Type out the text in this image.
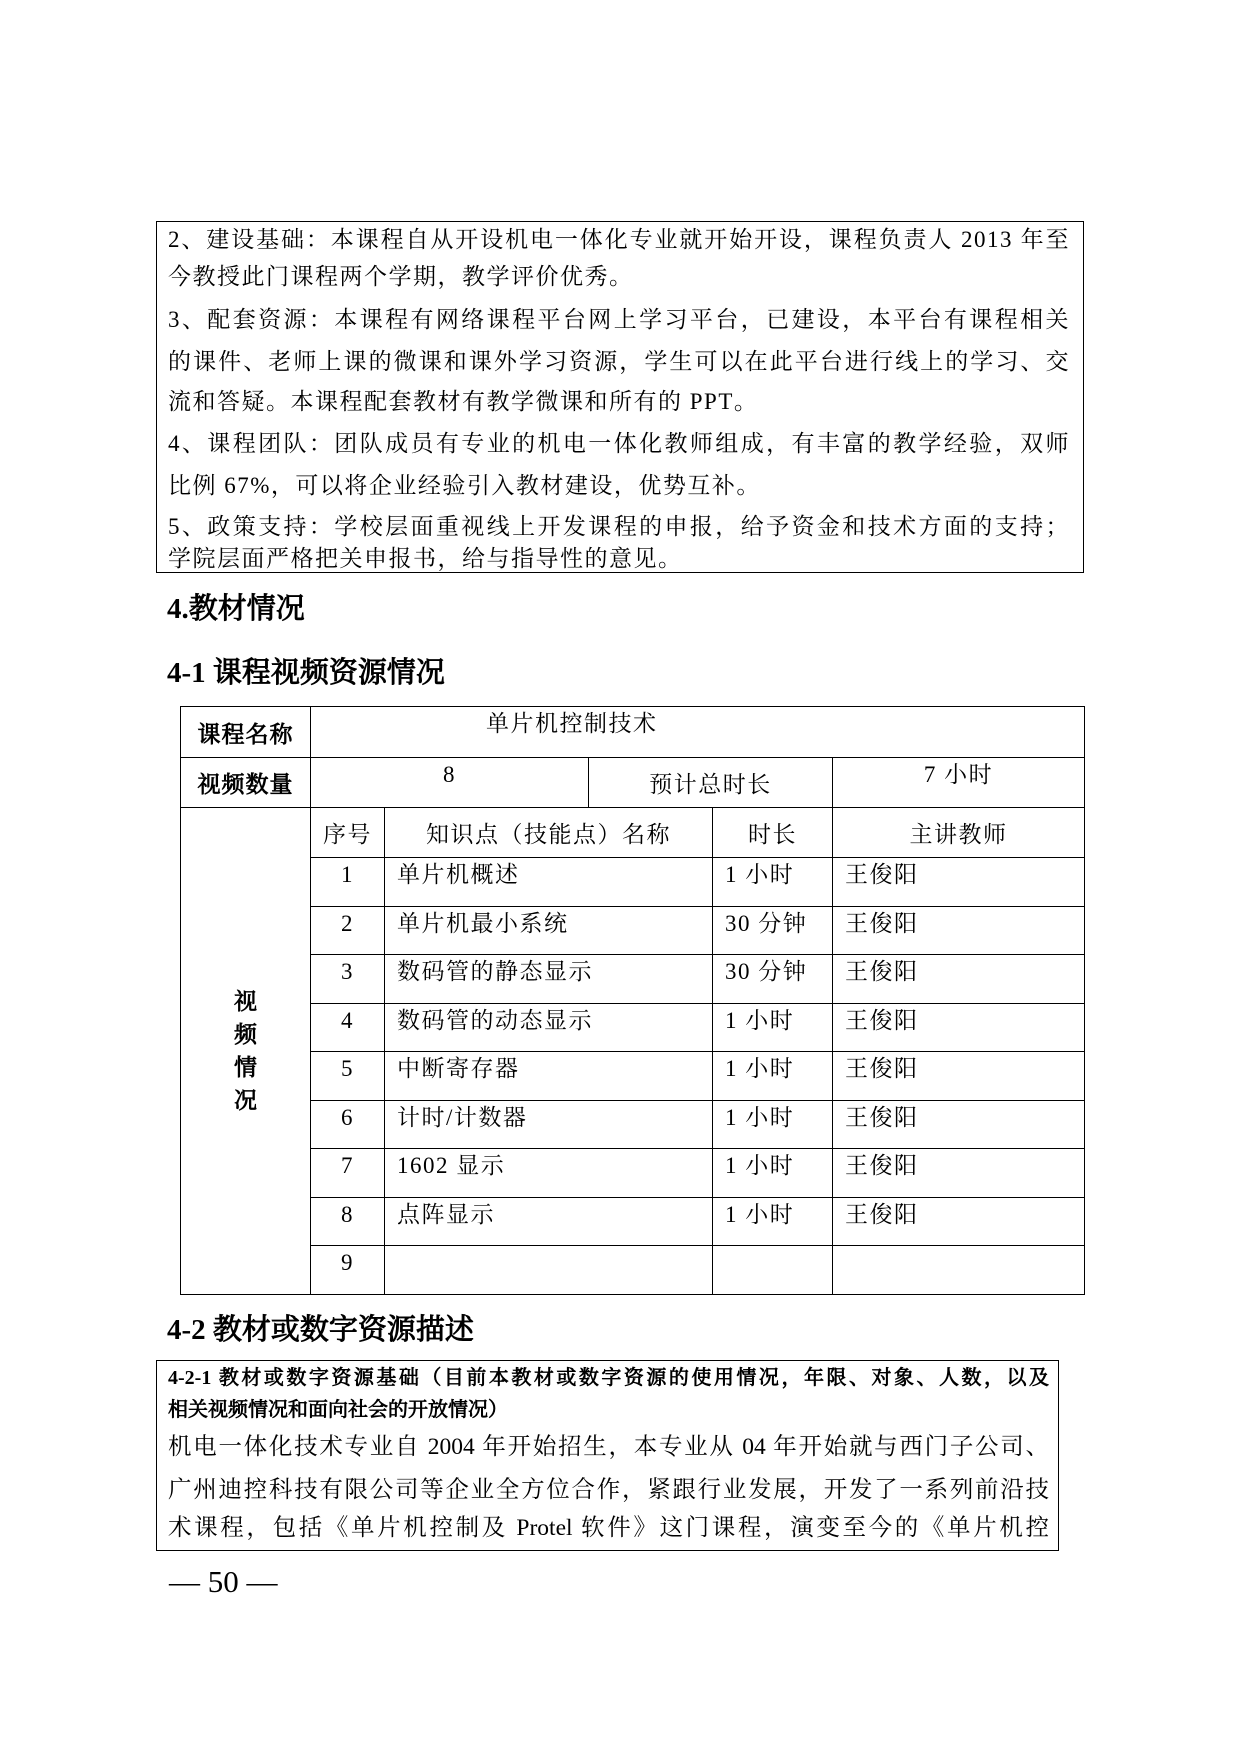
2、建设基础：本课程自从开设机电一体化专业就开始开设，课程负责人 2013 年至
今教授此门课程两个学期，教学评价优秀。
3、配套资源：本课程有网络课程平台网上学习平台，已建设，本平台有课程相关
的课件、老师上课的微课和课外学习资源，学生可以在此平台进行线上的学习、交
流和答疑。本课程配套教材有教学微课和所有的 PPT。
4、课程团队：团队成员有专业的机电一体化教师组成，有丰富的教学经验，双师
比例 67%，可以将企业经验引入教材建设，优势互补。
5、政策支持：学校层面重视线上开发课程的申报，给予资金和技术方面的支持；
学院层面严格把关申报书，给与指导性的意见。
4.教材情况
4-1 课程视频资源情况
课程名称	单片机控制技术				
视频数量	8		预计总时长		7 小时

视频情况	序号	知识点（技能点）名称		时长	主讲教师
	1	单片机概述		1 小时	王俊阳
	2	单片机最小系统		30 分钟	王俊阳
	3	数码管的静态显示		30 分钟	王俊阳
	4	数码管的动态显示		1 小时	王俊阳
	5	中断寄存器		1 小时	王俊阳
	6	计时/计数器		1 小时	王俊阳
	7	1602 显示		1 小时	王俊阳
	8	点阵显示		1 小时	王俊阳
	9				
4-2 教材或数字资源描述
4-2-1 教材或数字资源基础（目前本教材或数字资源的使用情况，年限、对象、人数，以及
相关视频情况和面向社会的开放情况）
机电一体化技术专业自 2004 年开始招生，本专业从 04 年开始就与西门子公司、
广州迪控科技有限公司等企业全方位合作，紧跟行业发展，开发了一系列前沿技
术课程，包括《单片机控制及 Protel 软件》这门课程，演变至今的《单片机控
— 50 —
